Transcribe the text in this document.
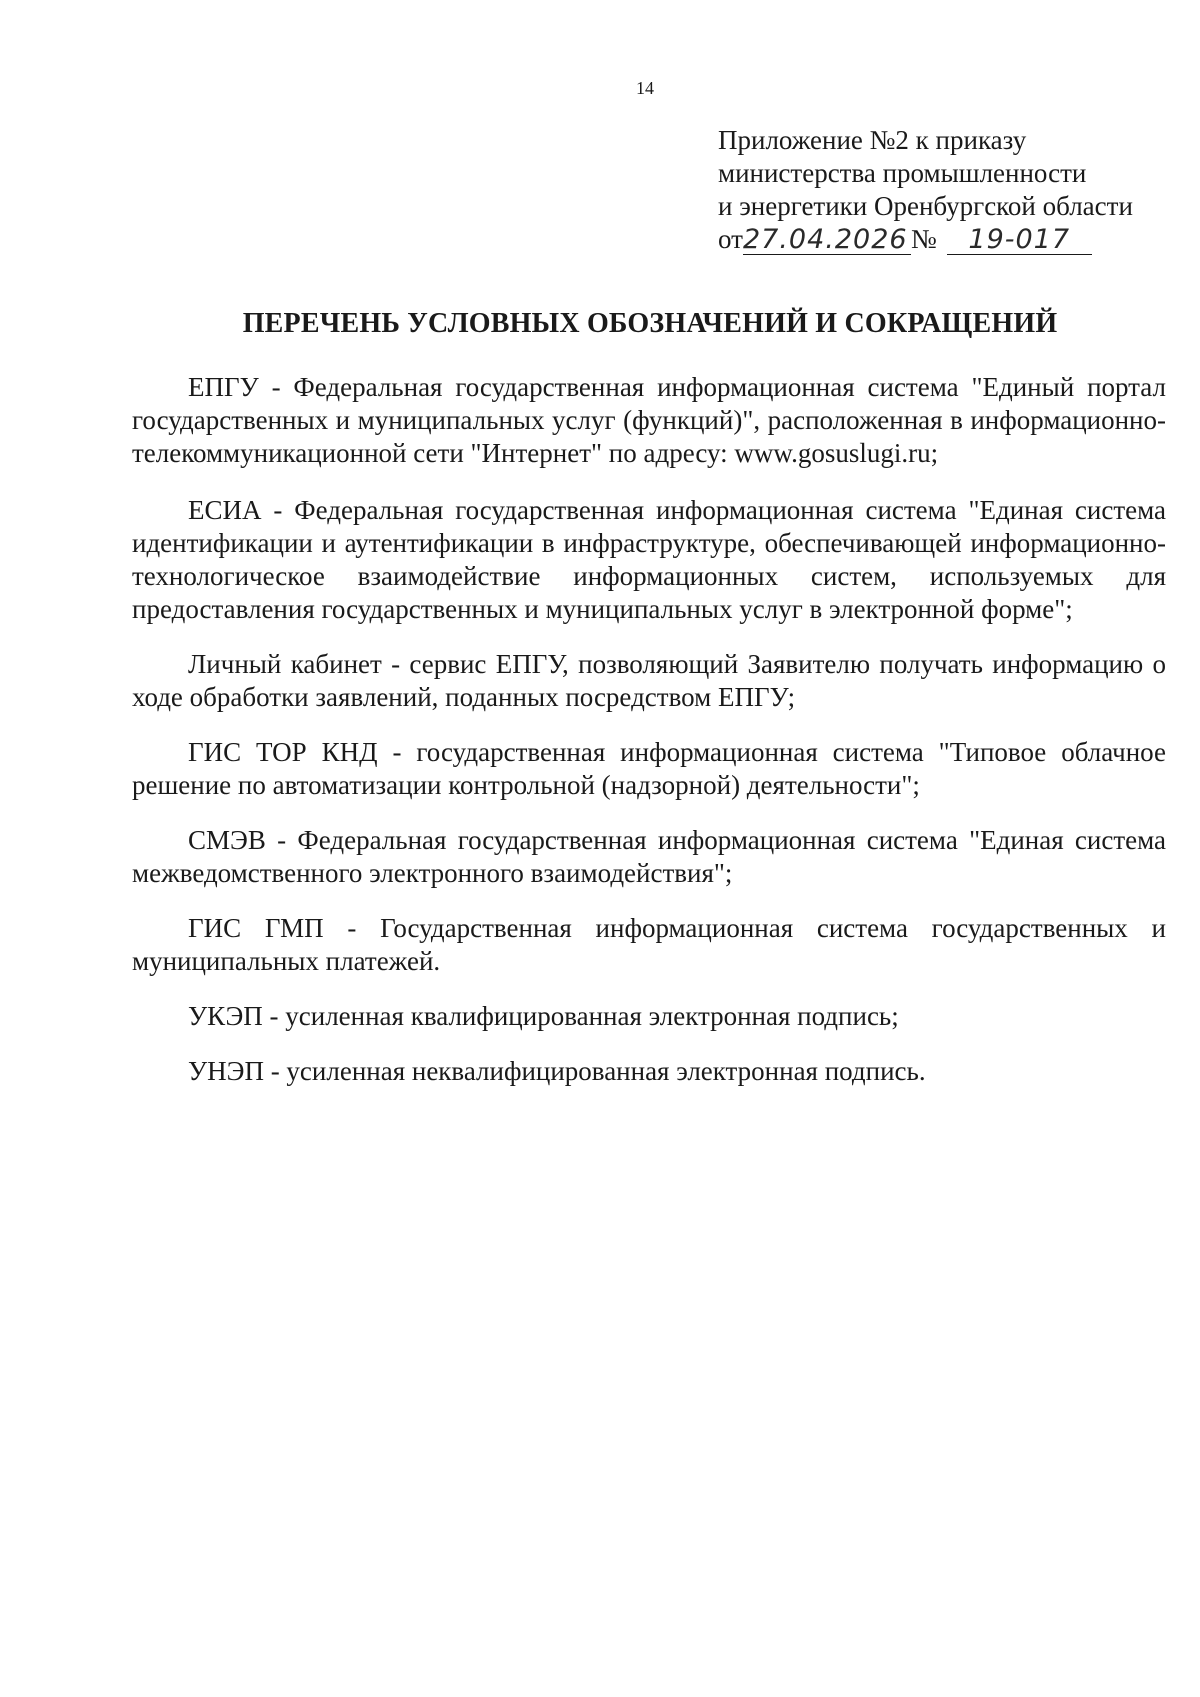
14
Приложение №2 к приказу
министерства промышленности
и энергетики Оренбургской области
от27.04.2026 № 19-017
ПЕРЕЧЕНЬ УСЛОВНЫХ ОБОЗНАЧЕНИЙ И СОКРАЩЕНИЙ

ЕПГУ - Федеральная государственная информационная система "Единый портал государственных и муниципальных услуг (функций)", расположенная в информационно-телекоммуникационной сети "Интернет" по адресу: www.gosuslugi.ru;

ЕСИА - Федеральная государственная информационная система "Единая система идентификации и аутентификации в инфраструктуре, обеспечивающей информационно-технологическое взаимодействие информационных систем, используемых для предоставления государственных и муниципальных услуг в электронной форме";

Личный кабинет - сервис ЕПГУ, позволяющий Заявителю получать информацию о ходе обработки заявлений, поданных посредством ЕПГУ;

ГИС ТОР КНД - государственная информационная система "Типовое облачное решение по автоматизации контрольной (надзорной) деятельности";

СМЭВ - Федеральная государственная информационная система "Единая система межведомственного электронного взаимодействия";

ГИС ГМП - Государственная информационная система государственных и муниципальных платежей.

УКЭП - усиленная квалифицированная электронная подпись;

УНЭП - усиленная неквалифицированная электронная подпись.
